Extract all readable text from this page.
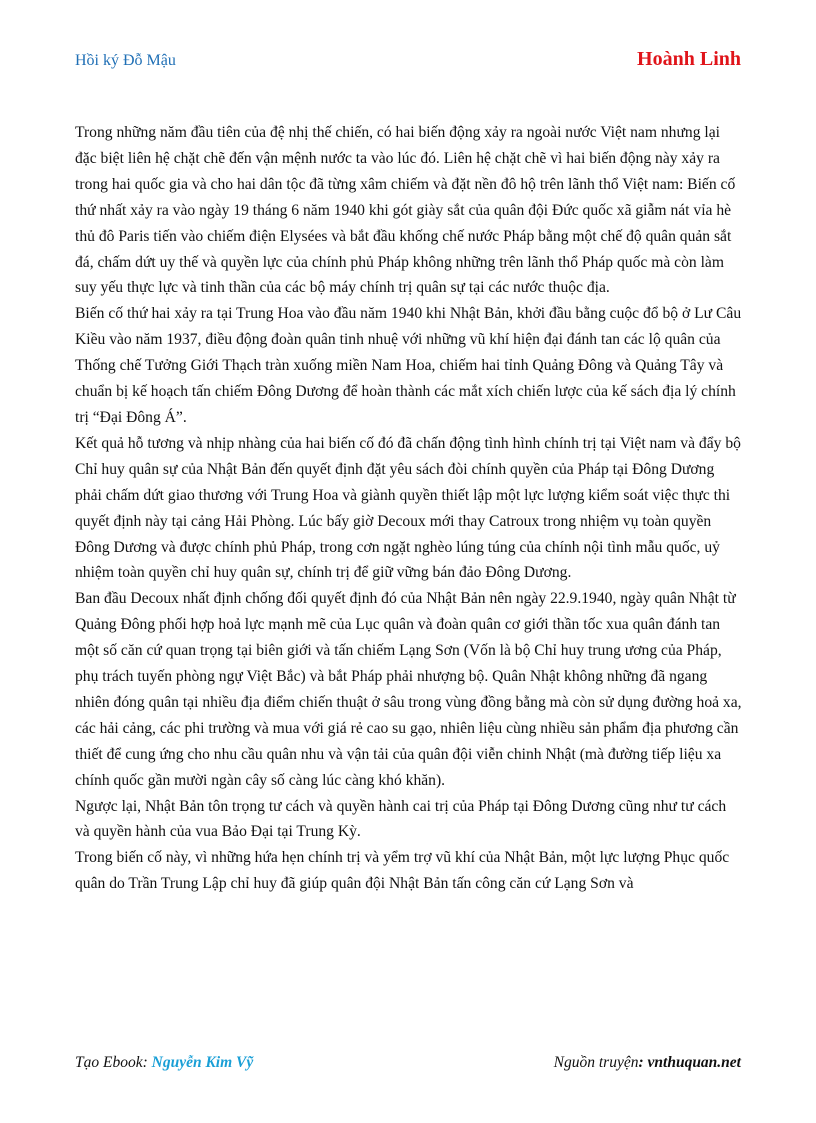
Hồi ký Đỗ Mậu	Hoành Linh

Trong những năm đầu tiên của đệ nhị thế chiến, có hai biến động xảy ra ngoài nước Việt nam nhưng lại đặc biệt liên hệ chặt chẽ đến vận mệnh nước ta vào lúc đó. Liên hệ chặt chẽ vì hai biến động này xảy ra trong hai quốc gia và cho hai dân tộc đã từng xâm chiếm và đặt nền đô hộ trên lãnh thổ Việt nam: Biến cố thứ nhất xảy ra vào ngày 19 tháng 6 năm 1940 khi gót giày sắt của quân đội Đức quốc xã giẫm nát vỉa hè thủ đô Paris tiến vào chiếm điện Elysées và bắt đầu khống chế nước Pháp bằng một chế độ quân quản sắt đá, chấm dứt uy thế và quyền lực của chính phủ Pháp không những trên lãnh thổ Pháp quốc mà còn làm suy yếu thực lực và tinh thần của các bộ máy chính trị quân sự tại các nước thuộc địa.

Biến cố thứ hai xảy ra tại Trung Hoa vào đầu năm 1940 khi Nhật Bản, khởi đầu bằng cuộc đổ bộ ở Lư Câu Kiều vào năm 1937, điều động đoàn quân tinh nhuệ với những vũ khí hiện đại đánh tan các lộ quân của Thống chế Tưởng Giới Thạch tràn xuống miền Nam Hoa, chiếm hai tỉnh Quảng Đông và Quảng Tây và chuẩn bị kế hoạch tấn chiếm Đông Dương để hoàn thành các mắt xích chiến lược của kế sách địa lý chính trị “Đại Đông Á”.

Kết quả hỗ tương và nhịp nhàng của hai biến cố đó đã chấn động tình hình chính trị tại Việt nam và đẩy bộ Chỉ huy quân sự của Nhật Bản đến quyết định đặt yêu sách đòi chính quyền của Pháp tại Đông Dương phải chấm dứt giao thương với Trung Hoa và giành quyền thiết lập một lực lượng kiểm soát việc thực thi quyết định này tại cảng Hải Phòng. Lúc bấy giờ Decoux mới thay Catroux trong nhiệm vụ toàn quyền Đông Dương và được chính phủ Pháp, trong cơn ngặt nghèo lúng túng của chính nội tình mẫu quốc, uỷ nhiệm toàn quyền chỉ huy quân sự, chính trị để giữ vững bán đảo Đông Dương.

Ban đầu Decoux nhất định chống đối quyết định đó của Nhật Bản nên ngày 22.9.1940, ngày quân Nhật từ Quảng Đông phối hợp hoả lực mạnh mẽ của Lục quân và đoàn quân cơ giới thần tốc xua quân đánh tan một số căn cứ quan trọng tại biên giới và tấn chiếm Lạng Sơn (Vốn là bộ Chỉ huy trung ương của Pháp, phụ trách tuyến phòng ngự Việt Bắc) và bắt Pháp phải nhượng bộ. Quân Nhật không những đã ngang nhiên đóng quân tại nhiều địa điểm chiến thuật ở sâu trong vùng đồng bằng mà còn sử dụng đường hoả xa, các hải cảng, các phi trường và mua với giá rẻ cao su gạo, nhiên liệu cùng nhiều sản phẩm địa phương cần thiết để cung ứng cho nhu cầu quân nhu và vận tải của quân đội viễn chinh Nhật (mà đường tiếp liệu xa chính quốc gần mười ngàn cây số càng lúc càng khó khăn).

Ngược lại, Nhật Bản tôn trọng tư cách và quyền hành cai trị của Pháp tại Đông Dương cũng như tư cách và quyền hành của vua Bảo Đại tại Trung Kỳ.

Trong biến cố này, vì những hứa hẹn chính trị và yểm trợ vũ khí của Nhật Bản, một lực lượng Phục quốc quân do Trần Trung Lập chỉ huy đã giúp quân đội Nhật Bản tấn công căn cứ Lạng Sơn và

Tạo Ebook: Nguyễn Kim Vỹ	Nguồn truyện: vnthuquan.net
